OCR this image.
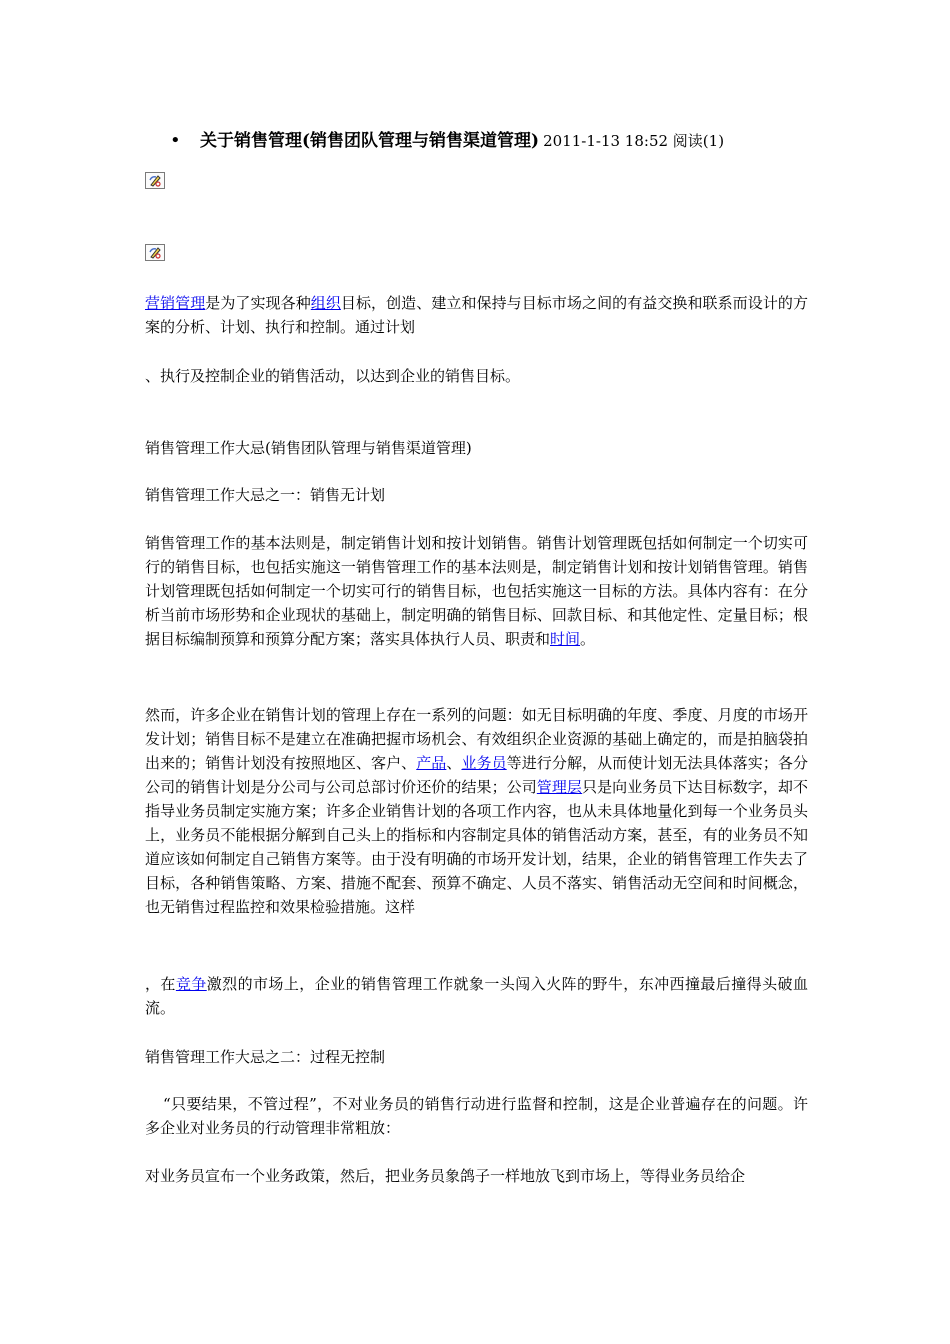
• 关于销售管理(销售团队管理与销售渠道管理) 2011-1-13 18:52 阅读(1)

营销管理是为了实现各种组织目标，创造、建立和保持与目标市场之间的有益交换和联系而设计的方案的分析、计划、执行和控制。通过计划

、执行及控制企业的销售活动，以达到企业的销售目标。

销售管理工作大忌(销售团队管理与销售渠道管理)

销售管理工作大忌之一：销售无计划

销售管理工作的基本法则是，制定销售计划和按计划销售。销售计划管理既包括如何制定一个切实可行的销售目标，也包括实施这一销售管理工作的基本法则是，制定销售计划和按计划销售管理。销售计划管理既包括如何制定一个切实可行的销售目标，也包括实施这一目标的方法。具体内容有：在分析当前市场形势和企业现状的基础上，制定明确的销售目标、回款目标、和其他定性、定量目标；根据目标编制预算和预算分配方案；落实具体执行人员、职责和时间。

然而，许多企业在销售计划的管理上存在一系列的问题：如无目标明确的年度、季度、月度的市场开发计划；销售目标不是建立在准确把握市场机会、有效组织企业资源的基础上确定的，而是拍脑袋拍出来的；销售计划没有按照地区、客户、产品、业务员等进行分解，从而使计划无法具体落实；各分公司的销售计划是分公司与公司总部讨价还价的结果；公司管理层只是向业务员下达目标数字，却不指导业务员制定实施方案；许多企业销售计划的各项工作内容，也从未具体地量化到每一个业务员头上，业务员不能根据分解到自己头上的指标和内容制定具体的销售活动方案，甚至，有的业务员不知道应该如何制定自己销售方案等。由于没有明确的市场开发计划，结果，企业的销售管理工作失去了目标，各种销售策略、方案、措施不配套、预算不确定、人员不落实、销售活动无空间和时间概念，也无销售过程监控和效果检验措施。这样

，在竞争激烈的市场上，企业的销售管理工作就象一头闯入火阵的野牛，东冲西撞最后撞得头破血流。

销售管理工作大忌之二：过程无控制

“只要结果，不管过程”，不对业务员的销售行动进行监督和控制，这是企业普遍存在的问题。许多企业对业务员的行动管理非常粗放：

对业务员宣布一个业务政策，然后，把业务员象鸽子一样地放飞到市场上，等得业务员给企
